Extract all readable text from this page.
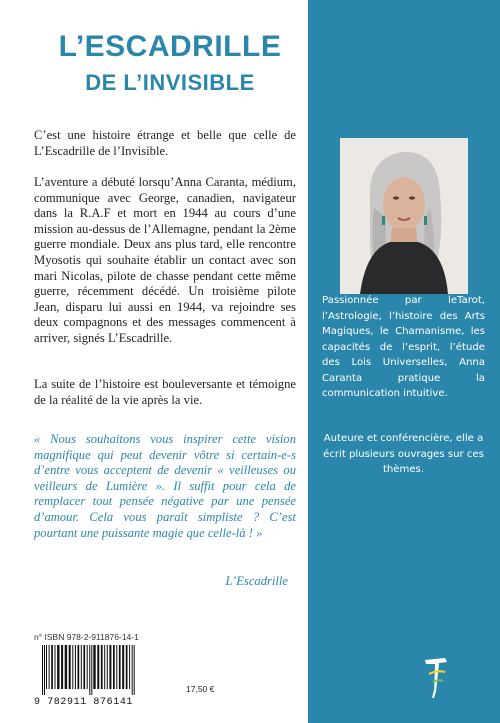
L’ESCADRILLE
DE L’INVISIBLE

C’est une histoire étrange et belle que celle de L’Escadrille de l’Invisible.

L’aventure a débuté lorsqu’Anna Caranta, médium, communique avec George, canadien, navigateur dans la R.A.F et mort en 1944 au cours d’une mission au-dessus de l’Allemagne, pendant la 2ème guerre mondiale. Deux ans plus tard, elle rencontre Myosotis qui souhaite établir un contact avec son mari Nicolas, pilote de chasse pendant cette même guerre, récemment décédé. Un troisième pilote Jean, disparu lui aussi en 1944, va rejoindre ses deux compagnons et des messages commencent à arriver, signés L’Escadrille.

La suite de l’histoire est bouleversante et témoigne de la réalité de la vie après la vie.

« Nous souhaitons vous inspirer cette vision magnifique qui peut devenir vôtre si certain-e-s d’entre vous acceptent de devenir « veilleuses ou veilleurs de Lumière ». Il suffit pour cela de remplacer tout pensée négative par une pensée d’amour. Cela vous paraît simpliste ? C’est pourtant une puissante magie que celle-là ! »

L’Escadrille
n° ISBN 978-2-911876-14-1
9 782911 876141
17,50 €

Passionnée par leTarot, l’Astrologie, l’histoire des Arts Magiques, le Chamanisme, les capacités de l’esprit, l’étude des Lois Universelles, Anna Caranta pratique la communication intuitive.

Auteure et conférencière, elle a écrit plusieurs ouvrages sur ces thèmes.
